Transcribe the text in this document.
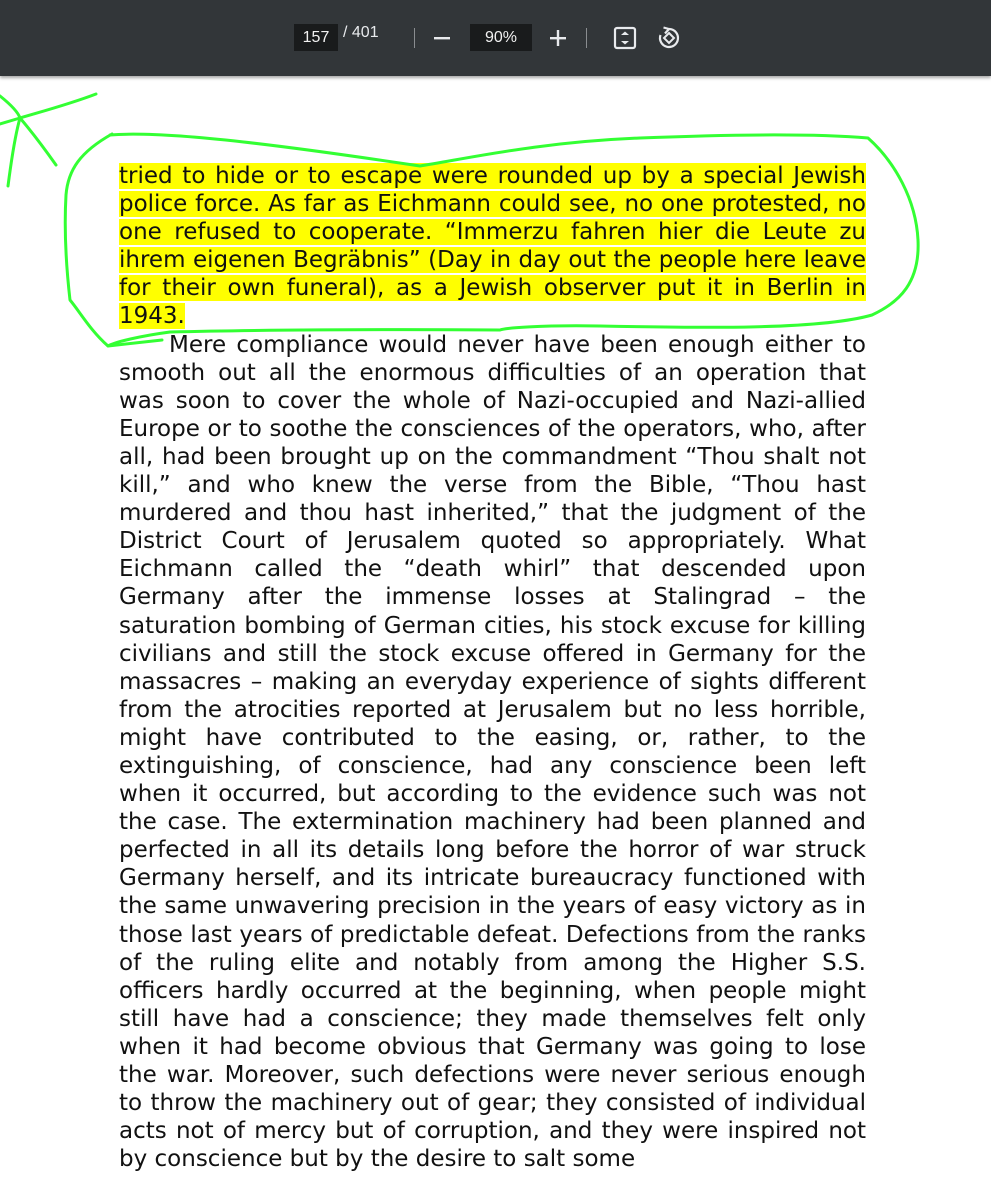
157
/ 401
90%

tried to hide or to escape were rounded up by a special Jewish police force. As far as Eichmann could see, no one protested, no one refused to cooperate. “Immerzu fahren hier die Leute zu ihrem eigenen Begräbnis” (Day in day out the people here leave for their own funeral), as a Jewish observer put it in Berlin in 1943.

Mere compliance would never have been enough either to smooth out all the enormous difficulties of an operation that was soon to cover the whole of Nazi-occupied and Nazi-allied Europe or to soothe the consciences of the operators, who, after all, had been brought up on the commandment “Thou shalt not kill,” and who knew the verse from the Bible, “Thou hast murdered and thou hast inherited,” that the judgment of the District Court of Jerusalem quoted so appropriately. What Eichmann called the “death whirl” that descended upon Germany after the immense losses at Stalingrad – the saturation bombing of German cities, his stock excuse for killing civilians and still the stock excuse offered in Germany for the massacres – making an everyday experience of sights different from the atrocities reported at Jerusalem but no less horrible, might have contributed to the easing, or, rather, to the extinguishing, of conscience, had any conscience been left when it occurred, but according to the evidence such was not the case. The extermination machinery had been planned and perfected in all its details long before the horror of war struck Germany herself, and its intricate bureaucracy functioned with the same unwavering precision in the years of easy victory as in those last years of predictable defeat. Defections from the ranks of the ruling elite and notably from among the Higher S.S. officers hardly occurred at the beginning, when people might still have had a conscience; they made themselves felt only when it had become obvious that Germany was going to lose the war. Moreover, such defections were never serious enough to throw the machinery out of gear; they consisted of individual acts not of mercy but of corruption, and they were inspired not by conscience but by the desire to salt some
